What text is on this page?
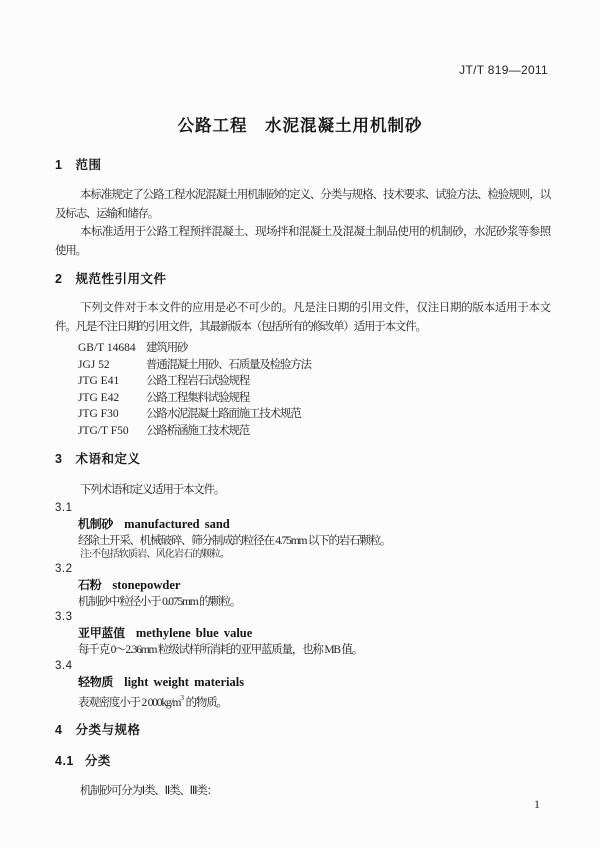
JT/T 819—2011
公路工程　水泥混凝土用机制砂
1 范围
本标准规定了公路工程水泥混凝土用机制砂的定义、分类与规格、技术要求、试验方法、检验规则，以
及标志、运输和储存。
本标准适用于公路工程预拌混凝土、现场拌和混凝土及混凝土制品使用的机制砂，水泥砂浆等参照
使用。
2 规范性引用文件
下列文件对于本文件的应用是必不可少的。凡是注日期的引用文件，仅注日期的版本适用于本文
件。凡是不注日期的引用文件，其最新版本（包括所有的修改单）适用于本文件。
GB/T 14684 建筑用砂
JGJ 52	普通混凝土用砂、石质量及检验方法
JTG E41	公路工程岩石试验规程
JTG E42	公路工程集料试验规程
JTG F30	公路水泥混凝土路面施工技术规范
JTG/T F50	公路桥涵施工技术规范
3 术语和定义
下列术语和定义适用于本文件。
3.1
机制砂 manufactured sand
经除土开采、机械破碎、筛分制成的粒径在 4.75mm 以下的岩石颗粒。
注:不包括软质岩、风化岩石的颗粒。
3.2
石粉 stonepowder
机制砂中粒径小于 0.075mm 的颗粒。
3.3
亚甲蓝值 methylene blue value
每千克 0～2.36mm 粒级试样所消耗的亚甲蓝质量，也称 MB 值。
3.4
轻物质 light weight materials
表观密度小于 2 $000kg/m^3$ 的物质。
4 分类与规格
4.1 分类
机制砂可分为Ⅰ类、Ⅱ类、Ⅲ类：
1
